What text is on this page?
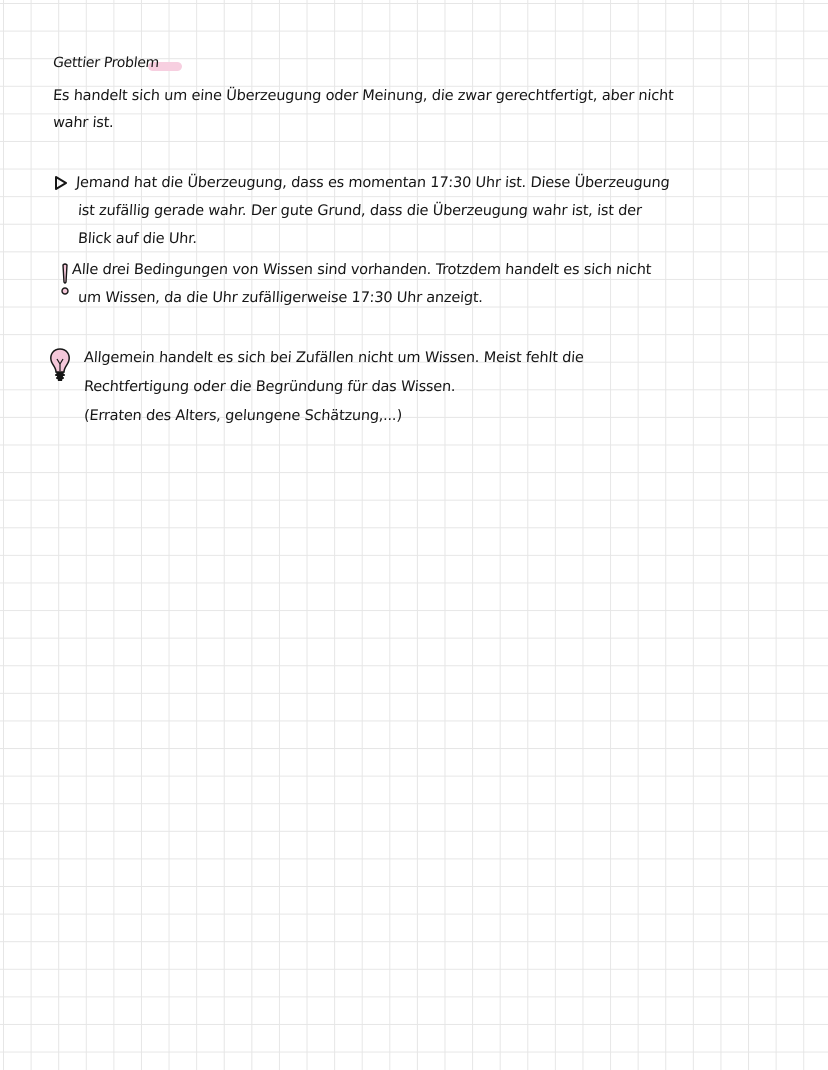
Gettier Problem
Es handelt sich um eine Überzeugung oder Meinung, die zwar gerechtfertigt, aber nicht
wahr ist.
Jemand hat die Überzeugung, dass es momentan 17:30 Uhr ist. Diese Überzeugung
ist zufällig gerade wahr. Der gute Grund, dass die Überzeugung wahr ist, ist der
Blick auf die Uhr.
Alle drei Bedingungen von Wissen sind vorhanden. Trotzdem handelt es sich nicht
um Wissen, da die Uhr zufälligerweise 17:30 Uhr anzeigt.
Allgemein handelt es sich bei Zufällen nicht um Wissen. Meist fehlt die
Rechtfertigung oder die Begründung für das Wissen.
(Erraten des Alters, gelungene Schätzung,...)
